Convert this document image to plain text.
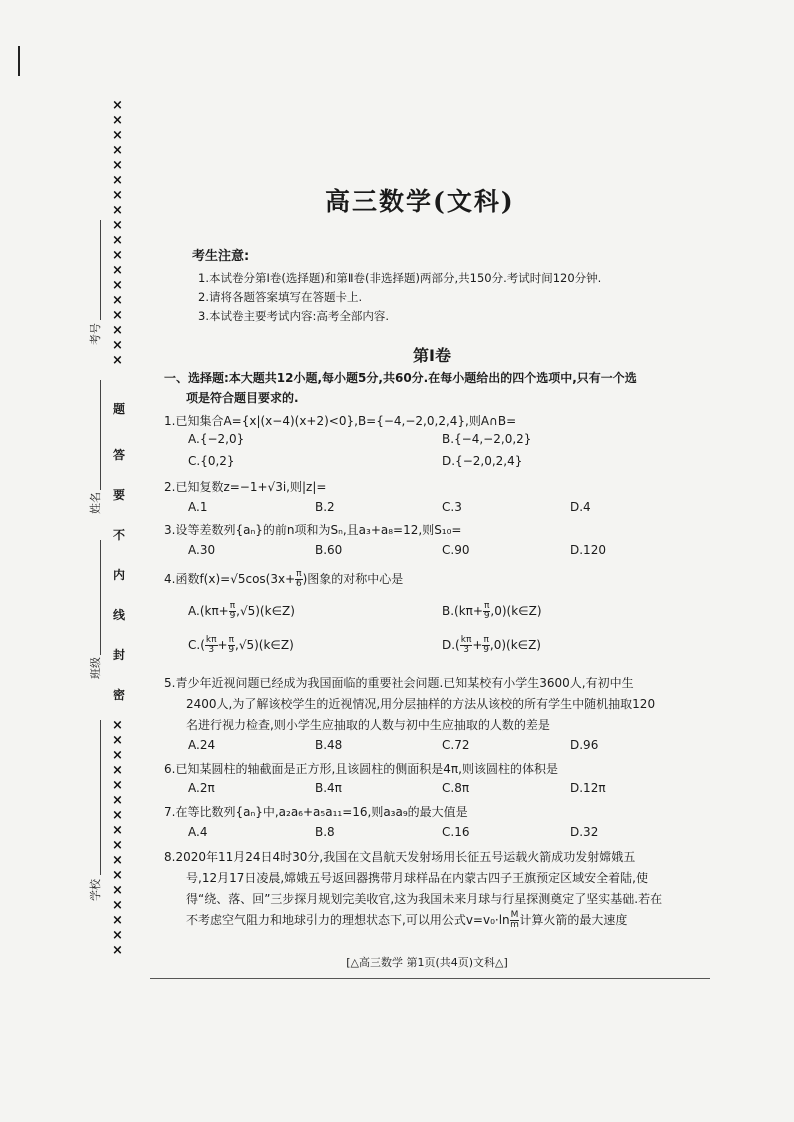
×
×
×
×
×
×
×
×
×
×
×
×
×
×
×
×
×
×
题
答
要
不
内
线
封
密
×
×
×
×
×
×
×
×
×
×
×
×
×
×
×
×
考号
姓名
班级
学校
高三数学(文科)
考生注意:
1.本试卷分第Ⅰ卷(选择题)和第Ⅱ卷(非选择题)两部分,共150分.考试时间120分钟.
2.请将各题答案填写在答题卡上.
3.本试卷主要考试内容:高考全部内容.
第Ⅰ卷
一、选择题:本大题共12小题,每小题5分,共60分.在每小题给出的四个选项中,只有一个选
项是符合题目要求的.
1.已知集合A={x|(x−4)(x+2)<0},B={−4,−2,0,2,4},则A∩B=
A.{−2,0}	B.{−4,−2,0,2}
C.{0,2}	D.{−2,0,2,4}
2.已知复数z=−1+√3i,则|z|=
A.1	B.2	C.3	D.4
3.设等差数列{aₙ}的前n项和为Sₙ,且a₃+a₈=12,则S₁₀=
A.30	B.60	C.90	D.120
4.函数$f(x)=√5\cos(3x+ \frac{\pi}{6}$ )图象的对称中心是
$A.(k\pi+ \frac{\pi}{9}$ ,√5)(k∈Z)	$B.(k\pi+ \frac{\pi}{9}$ ,0)(k∈Z)
$C.( \frac{k\pi}{3} + \frac{\pi}{9}$ ,√5)(k∈Z)	$D.( \frac{k\pi}{3} + \frac{\pi}{9}$ ,0)(k∈Z)
5.青少年近视问题已经成为我国面临的重要社会问题.已知某校有小学生3600人,有初中生
2400人,为了解该校学生的近视情况,用分层抽样的方法从该校的所有学生中随机抽取120
名进行视力检查,则小学生应抽取的人数与初中生应抽取的人数的差是
A.24	B.48	C.72	D.96
6.已知某圆柱的轴截面是正方形,且该圆柱的侧面积是4π,则该圆柱的体积是
A.2π	B.4π	C.8π	D.12π
7.在等比数列{aₙ}中,a₂a₆+a₅a₁₁=16,则a₃a₉的最大值是
A.4	B.8	C.16	D.32
8.2020年11月24日4时30分,我国在文昌航天发射场用长征五号运载火箭成功发射嫦娥五
号,12月17日凌晨,嫦娥五号返回器携带月球样品在内蒙古四子王旗预定区域安全着陆,使
得“绕、落、回”三步探月规划完美收官,这为我国未来月球与行星探测奠定了坚实基础.若在
不考虑空气阻力和地球引力的理想状态下,可以用公式$v=v_0\cdot\ln \frac{M}{m}$ 计算火箭的最大速度
[△高三数学 第1页(共4页)文科△]
